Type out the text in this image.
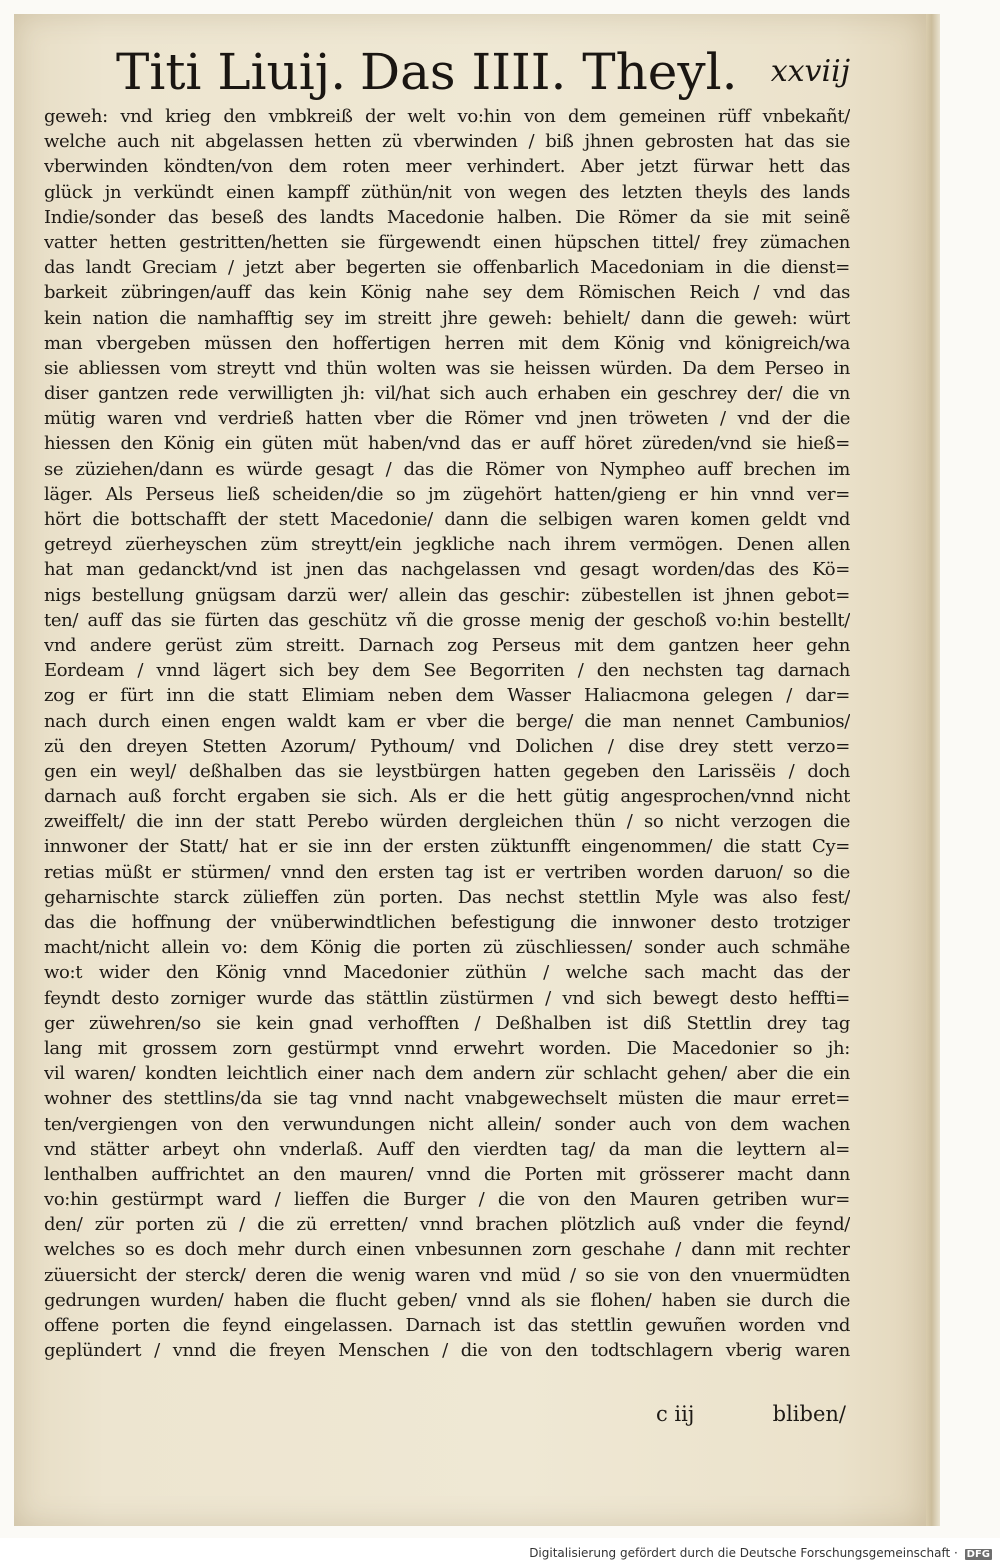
Titi Liuij. Das IIII. Theyl. xxviij
geweh: vnd krieg den vmbkreiß der welt vo:hin von dem gemeinen rüff vnbekañt/
welche auch nit abgelassen hetten zü vberwinden / biß jhnen gebrosten hat das sie
vberwinden köndten/von dem roten meer verhindert. Aber jetzt fürwar hett das
glück jn verkündt einen kampff züthün/nit von wegen des letzten theyls des lands
Indie/sonder das beseß des landts Macedonie halben. Die Römer da sie mit seinẽ
vatter hetten gestritten/hetten sie fürgewendt einen hüpschen tittel/ frey zümachen
das landt Greciam / jetzt aber begerten sie offenbarlich Macedoniam in die dienst=
barkeit zübringen/auff das kein König nahe sey dem Römischen Reich / vnd das
kein nation die namhafftig sey im streitt jhre geweh: behielt/ dann die geweh: würt
man vbergeben müssen den hoffertigen herren mit dem König vnd königreich/wa
sie abliessen vom streytt vnd thün wolten was sie heissen würden. Da dem Perseo in
diser gantzen rede verwilligten jh: vil/hat sich auch erhaben ein geschrey der/ die vn
mütig waren vnd verdrieß hatten vber die Römer vnd jnen tröweten / vnd der die
hiessen den König ein güten müt haben/vnd das er auff höret züreden/vnd sie hieß=
se züziehen/dann es würde gesagt / das die Römer von Nympheo auff brechen im
läger. Als Perseus ließ scheiden/die so jm zügehört hatten/gieng er hin vnnd ver=
hört die bottschafft der stett Macedonie/ dann die selbigen waren komen geldt vnd
getreyd züerheyschen züm streytt/ein jegkliche nach ihrem vermögen. Denen allen
hat man gedanckt/vnd ist jnen das nachgelassen vnd gesagt worden/das des Kö=
nigs bestellung gnügsam darzü wer/ allein das geschir: zübestellen ist jhnen gebot=
ten/ auff das sie fürten das geschütz vñ die grosse menig der geschoß vo:hin bestellt/
vnd andere gerüst züm streitt. Darnach zog Perseus mit dem gantzen heer gehn
Eordeam / vnnd lägert sich bey dem See Begorriten / den nechsten tag darnach
zog er fürt inn die statt Elimiam neben dem Wasser Haliacmona gelegen / dar=
nach durch einen engen waldt kam er vber die berge/ die man nennet Cambunios/
zü den dreyen Stetten Azorum/ Pythoum/ vnd Dolichen / dise drey stett verzo=
gen ein weyl/ deßhalben das sie leystbürgen hatten gegeben den Larissëis / doch
darnach auß forcht ergaben sie sich. Als er die hett gütig angesprochen/vnnd nicht
zweiffelt/ die inn der statt Perebo würden dergleichen thün / so nicht verzogen die
innwoner der Statt/ hat er sie inn der ersten züktunfft eingenommen/ die statt Cy=
retias müßt er stürmen/ vnnd den ersten tag ist er vertriben worden daruon/ so die
geharnischte starck zülieffen zün porten. Das nechst stettlin Myle was also fest/
das die hoffnung der vnüberwindtlichen befestigung die innwoner desto trotziger
macht/nicht allein vo: dem König die porten zü züschliessen/ sonder auch schmähe
wo:t wider den König vnnd Macedonier züthün / welche sach macht das der
feyndt desto zorniger wurde das stättlin züstürmen / vnd sich bewegt desto heffti=
ger züwehren/so sie kein gnad verhofften / Deßhalben ist diß Stettlin drey tag
lang mit grossem zorn gestürmpt vnnd erwehrt worden. Die Macedonier so jh:
vil waren/ kondten leichtlich einer nach dem andern zür schlacht gehen/ aber die ein
wohner des stettlins/da sie tag vnnd nacht vnabgewechselt müsten die maur erret=
ten/vergiengen von den verwundungen nicht allein/ sonder auch von dem wachen
vnd stätter arbeyt ohn vnderlaß. Auff den vierdten tag/ da man die leyttern al=
lenthalben auffrichtet an den mauren/ vnnd die Porten mit grösserer macht dann
vo:hin gestürmpt ward / lieffen die Burger / die von den Mauren getriben wur=
den/ zür porten zü / die zü erretten/ vnnd brachen plötzlich auß vnder die feynd/
welches so es doch mehr durch einen vnbesunnen zorn geschahe / dann mit rechter
züuersicht der sterck/ deren die wenig waren vnd müd / so sie von den vnuermüdten
gedrungen wurden/ haben die flucht geben/ vnnd als sie flohen/ haben sie durch die
offene porten die feynd eingelassen. Darnach ist das stettlin gewuñen worden vnd
geplündert / vnnd die freyen Menschen / die von den todtschlagern vberig waren
c iij	bliben/
Digitalisierung gefördert durch die Deutsche Forschungsgemeinschaft · DFG
